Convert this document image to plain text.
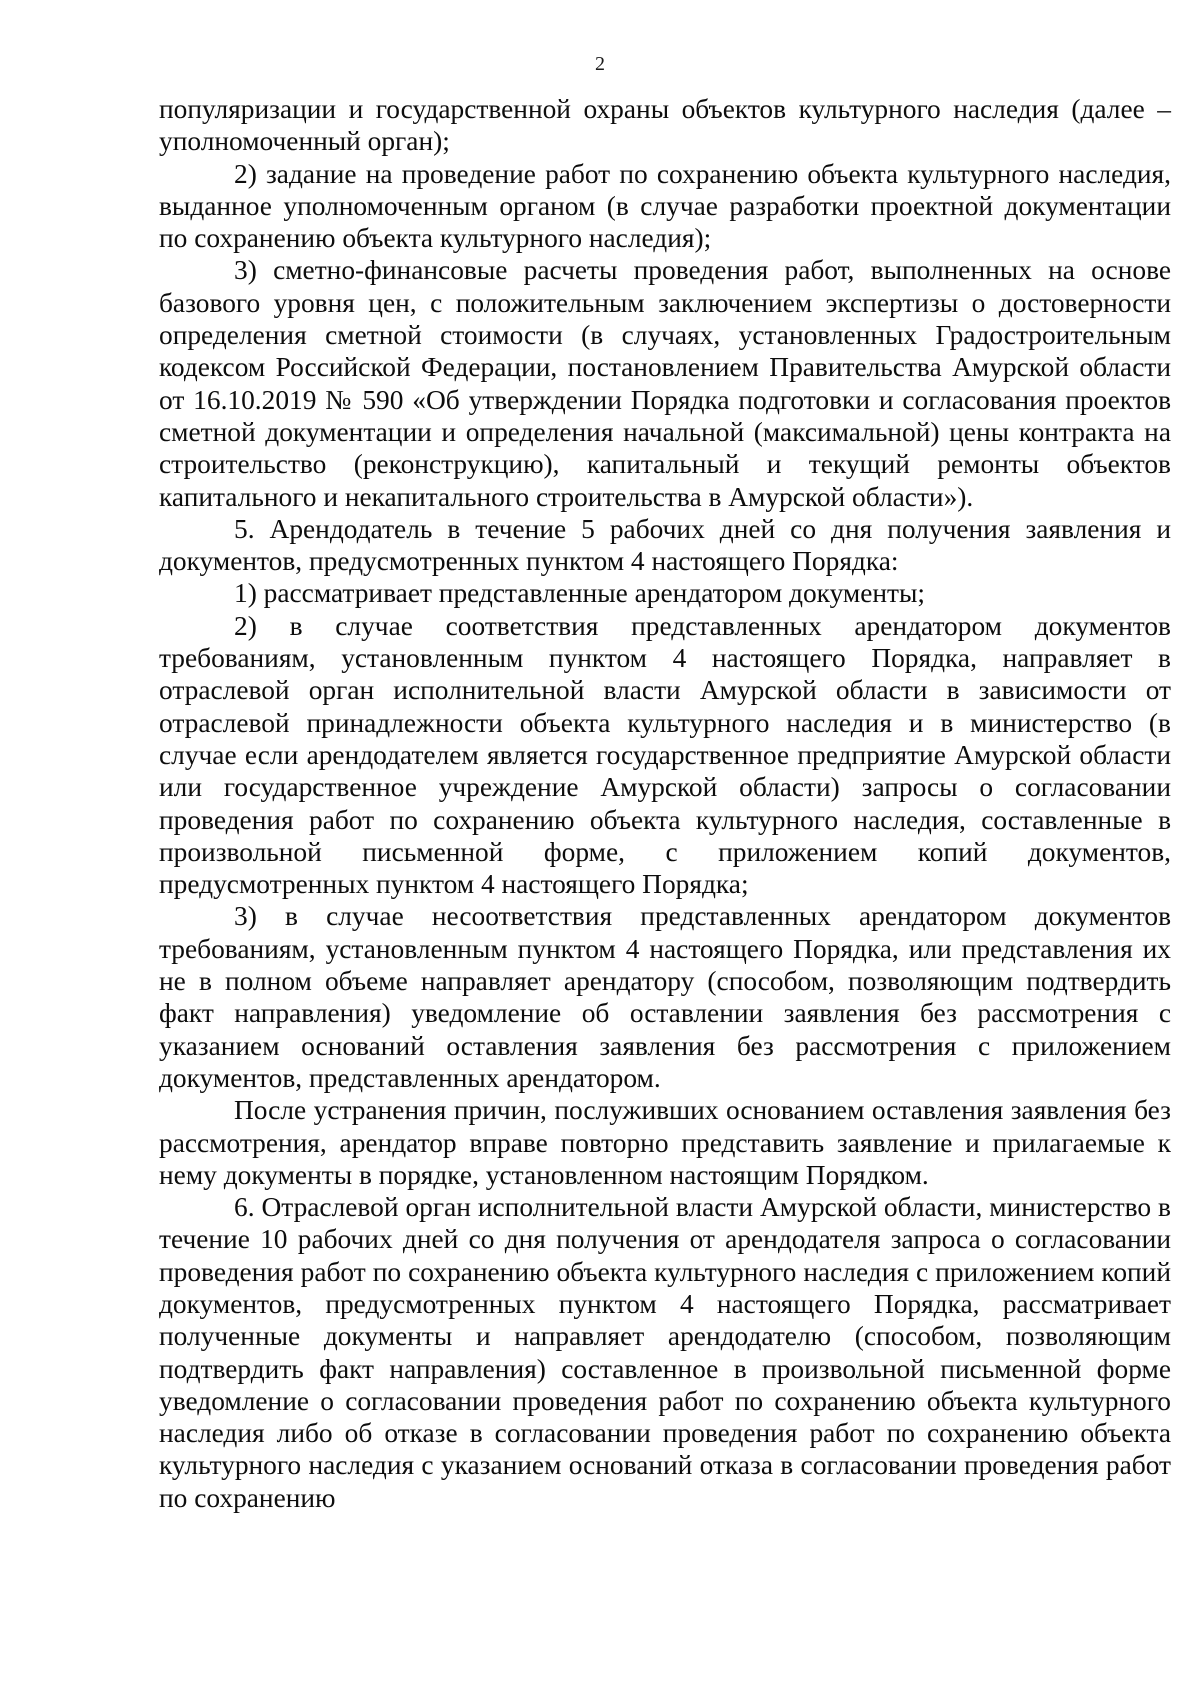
2

популяризации и государственной охраны объектов культурного наследия (далее – уполномоченный орган);

2) задание на проведение работ по сохранению объекта культурного наследия, выданное уполномоченным органом (в случае разработки проектной документации по сохранению объекта культурного наследия);

3) сметно-финансовые расчеты проведения работ, выполненных на основе базового уровня цен, с положительным заключением экспертизы о достоверности определения сметной стоимости (в случаях, установленных Градостроительным кодексом Российской Федерации, постановлением Правительства Амурской области от 16.10.2019 № 590 «Об утверждении Порядка подготовки и согласования проектов сметной документации и определения начальной (максимальной) цены контракта на строительство (реконструкцию), капитальный и текущий ремонты объектов капитального и некапитального строительства в Амурской области»).

5. Арендодатель в течение 5 рабочих дней со дня получения заявления и документов, предусмотренных пунктом 4 настоящего Порядка:

1) рассматривает представленные арендатором документы;

2) в случае соответствия представленных арендатором документов требованиям, установленным пунктом 4 настоящего Порядка, направляет в отраслевой орган исполнительной власти Амурской области в зависимости от отраслевой принадлежности объекта культурного наследия и в министерство (в случае если арендодателем является государственное предприятие Амурской области или государственное учреждение Амурской области) запросы о согласовании проведения работ по сохранению объекта культурного наследия, составленные в произвольной письменной форме, с приложением копий документов, предусмотренных пунктом 4 настоящего Порядка;

3) в случае несоответствия представленных арендатором документов требованиям, установленным пунктом 4 настоящего Порядка, или представления их не в полном объеме направляет арендатору (способом, позволяющим подтвердить факт направления) уведомление об оставлении заявления без рассмотрения с указанием оснований оставления заявления без рассмотрения с приложением документов, представленных арендатором.

После устранения причин, послуживших основанием оставления заявления без рассмотрения, арендатор вправе повторно представить заявление и прилагаемые к нему документы в порядке, установленном настоящим Порядком.

6. Отраслевой орган исполнительной власти Амурской области, министерство в течение 10 рабочих дней со дня получения от арендодателя запроса о согласовании проведения работ по сохранению объекта культурного наследия с приложением копий документов, предусмотренных пунктом 4 настоящего Порядка, рассматривает полученные документы и направляет арендодателю (способом, позволяющим подтвердить факт направления) составленное в произвольной письменной форме уведомление о согласовании проведения работ по сохранению объекта культурного наследия либо об отказе в согласовании проведения работ по сохранению объекта культурного наследия с указанием оснований отказа в согласовании проведения работ по сохранению
